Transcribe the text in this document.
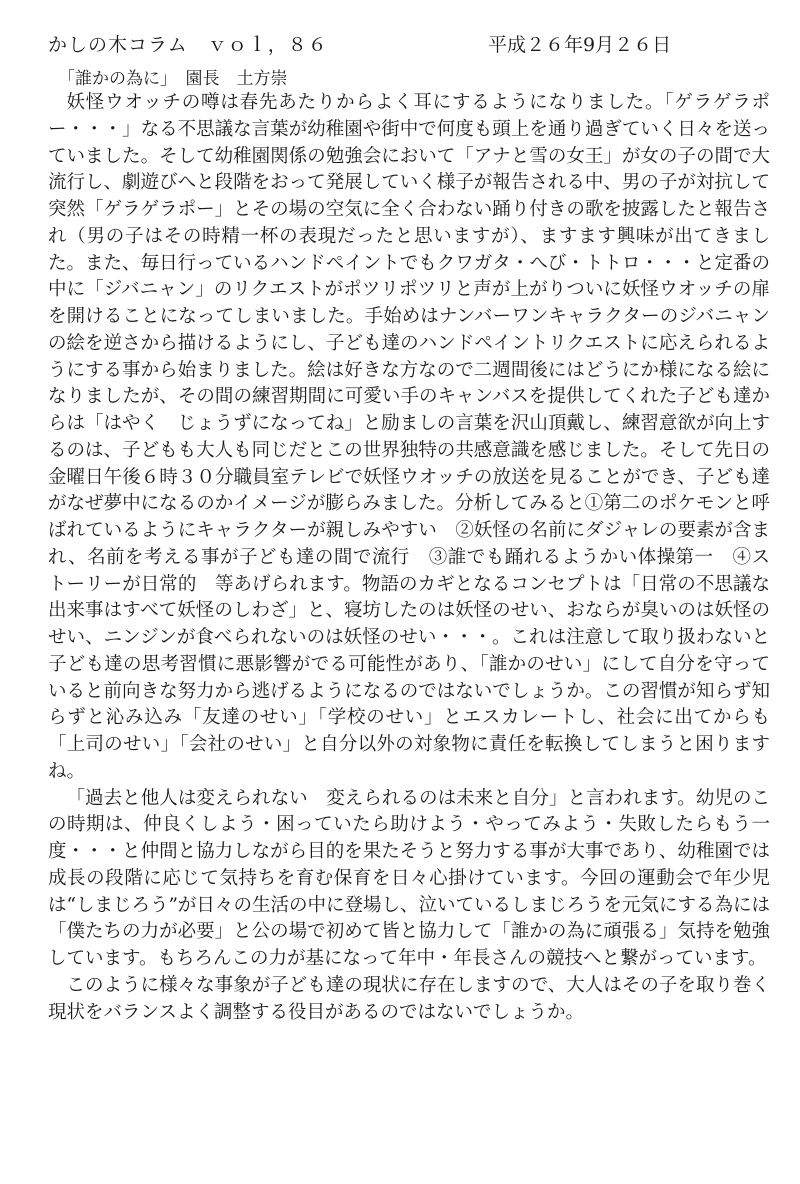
かしの木コラム　ｖｏｌ，８６	平成２６年9月２６日
「誰かの為に」　園長　土方崇

妖怪ウオッチの噂は春先あたりからよく耳にするようになりました。「ゲラゲラポー・・・」なる不思議な言葉が幼稚園や街中で何度も頭上を通り過ぎていく日々を送っていました。そして幼稚園関係の勉強会において「アナと雪の女王」が女の子の間で大流行し、劇遊びへと段階をおって発展していく様子が報告される中、男の子が対抗して突然「ゲラゲラポー」とその場の空気に全く合わない踊り付きの歌を披露したと報告され（男の子はその時精一杯の表現だったと思いますが）、ますます興味が出てきました。また、毎日行っているハンドペイントでもクワガタ・へび・トトロ・・・と定番の中に「ジバニャン」のリクエストがポツリポツリと声が上がりついに妖怪ウオッチの扉を開けることになってしまいました。手始めはナンバーワンキャラクターのジバニャンの絵を逆さから描けるようにし、子ども達のハンドペイントリクエストに応えられるようにする事から始まりました。絵は好きな方なので二週間後にはどうにか様になる絵になりましたが、その間の練習期間に可愛い手のキャンバスを提供してくれた子ども達からは「はやく　じょうずになってね」と励ましの言葉を沢山頂戴し、練習意欲が向上するのは、子どもも大人も同じだとこの世界独特の共感意識を感じました。そして先日の金曜日午後６時３０分職員室テレビで妖怪ウオッチの放送を見ることができ、子ども達がなぜ夢中になるのかイメージが膨らみました。分析してみると①第二のポケモンと呼ばれているようにキャラクターが親しみやすい　②妖怪の名前にダジャレの要素が含まれ、名前を考える事が子ども達の間で流行　③誰でも踊れるようかい体操第一　④ストーリーが日常的　等あげられます。物語のカギとなるコンセプトは「日常の不思議な出来事はすべて妖怪のしわざ」と、寝坊したのは妖怪のせい、おならが臭いのは妖怪のせい、ニンジンが食べられないのは妖怪のせい・・・。これは注意して取り扱わないと子ども達の思考習慣に悪影響がでる可能性があり、「誰かのせい」にして自分を守っていると前向きな努力から逃げるようになるのではないでしょうか。この習慣が知らず知らずと沁み込み「友達のせい」「学校のせい」とエスカレートし、社会に出てからも「上司のせい」「会社のせい」と自分以外の対象物に責任を転換してしまうと困りますね。

「過去と他人は変えられない　変えられるのは未来と自分」と言われます。幼児のこの時期は、仲良くしよう・困っていたら助けよう・やってみよう・失敗したらもう一度・・・と仲間と協力しながら目的を果たそうと努力する事が大事であり、幼稚園では成長の段階に応じて気持ちを育む保育を日々心掛けています。今回の運動会で年少児は“しまじろう”が日々の生活の中に登場し、泣いているしまじろうを元気にする為には「僕たちの力が必要」と公の場で初めて皆と協力して「誰かの為に頑張る」気持を勉強しています。もちろんこの力が基になって年中・年長さんの競技へと繋がっています。

このように様々な事象が子ども達の現状に存在しますので、大人はその子を取り巻く現状をバランスよく調整する役目があるのではないでしょうか。
